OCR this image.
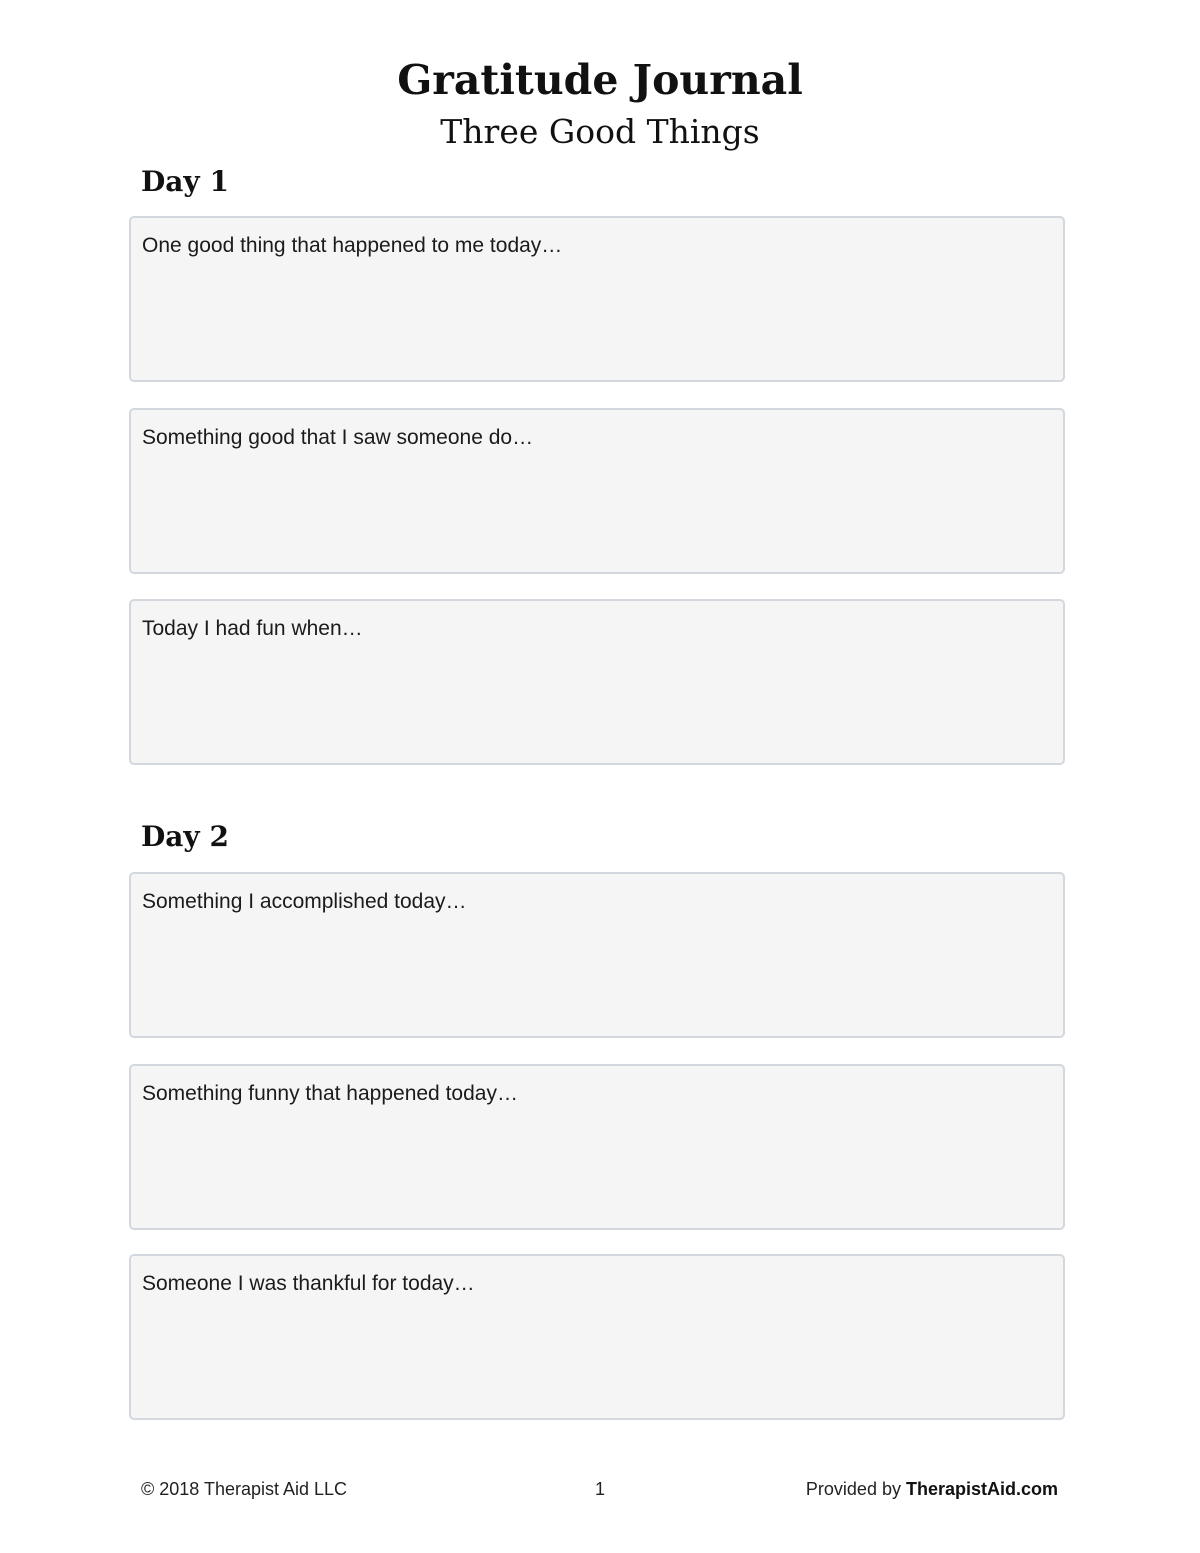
Gratitude Journal
Three Good Things
Day 1
One good thing that happened to me today…
Something good that I saw someone do…
Today I had fun when…
Day 2
Something I accomplished today…
Something funny that happened today…
Someone I was thankful for today…
© 2018 Therapist Aid LLC	1	Provided by TherapistAid.com
